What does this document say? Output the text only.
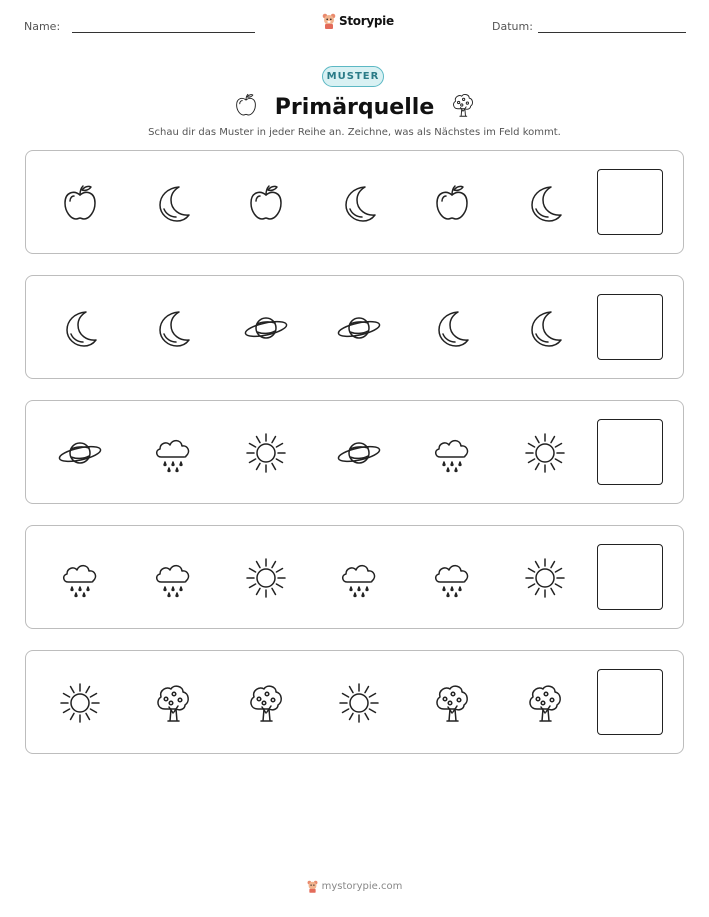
Name:	Storypie	Datum:
MUSTER
Primärquelle
Schau dir das Muster in jeder Reihe an. Zeichne, was als Nächstes im Feld kommt.
mystorypie.com
